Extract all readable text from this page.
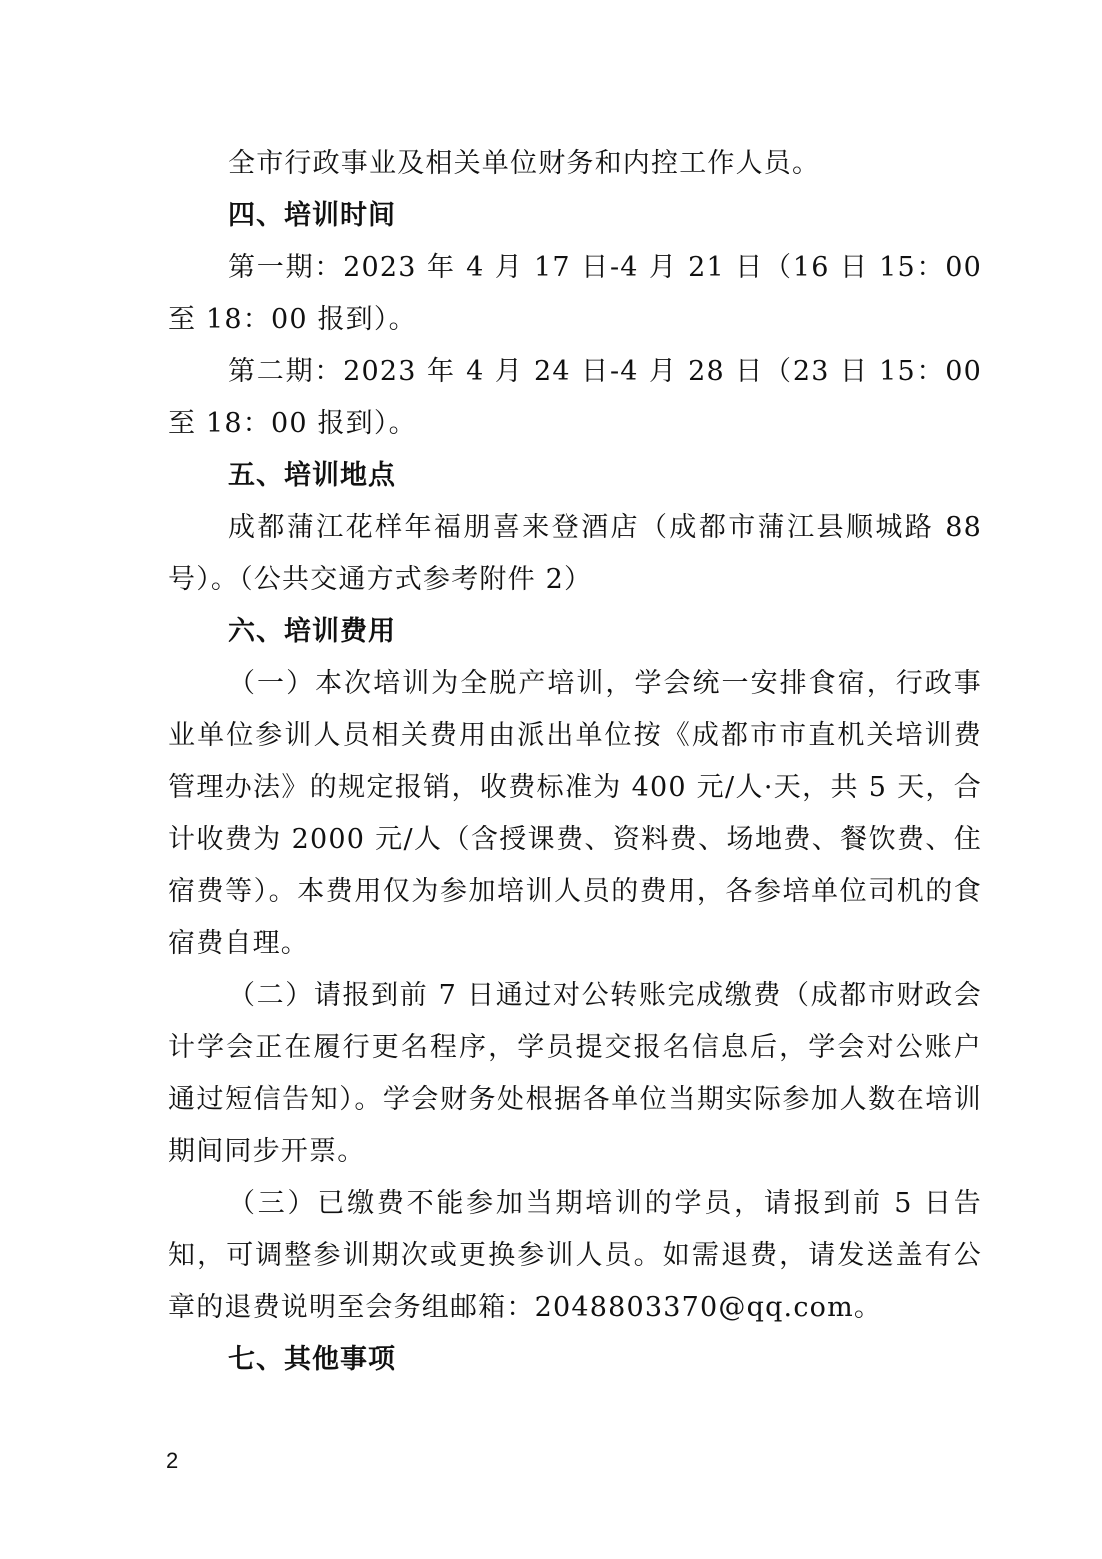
全市行政事业及相关单位财务和内控工作人员。

四、培训时间

第一期：2023 年 4 月 17 日-4 月 21 日（16 日 15：00 至 18：00 报到）。

第二期：2023 年 4 月 24 日-4 月 28 日（23 日 15：00 至 18：00 报到）。

五、培训地点

成都蒲江花样年福朋喜来登酒店（成都市蒲江县顺城路 88 号）。（公共交通方式参考附件 2）

六、培训费用

（一）本次培训为全脱产培训，学会统一安排食宿，行政事业单位参训人员相关费用由派出单位按《成都市市直机关培训费管理办法》的规定报销，收费标准为 400 元/人·天，共 5 天，合计收费为 2000 元/人（含授课费、资料费、场地费、餐饮费、住宿费等）。本费用仅为参加培训人员的费用，各参培单位司机的食宿费自理。

（二）请报到前 7 日通过对公转账完成缴费（成都市财政会计学会正在履行更名程序，学员提交报名信息后，学会对公账户通过短信告知）。学会财务处根据各单位当期实际参加人数在培训期间同步开票。

（三）已缴费不能参加当期培训的学员，请报到前 5 日告知，可调整参训期次或更换参训人员。如需退费，请发送盖有公章的退费说明至会务组邮箱：2048803370@qq.com。

七、其他事项

2
